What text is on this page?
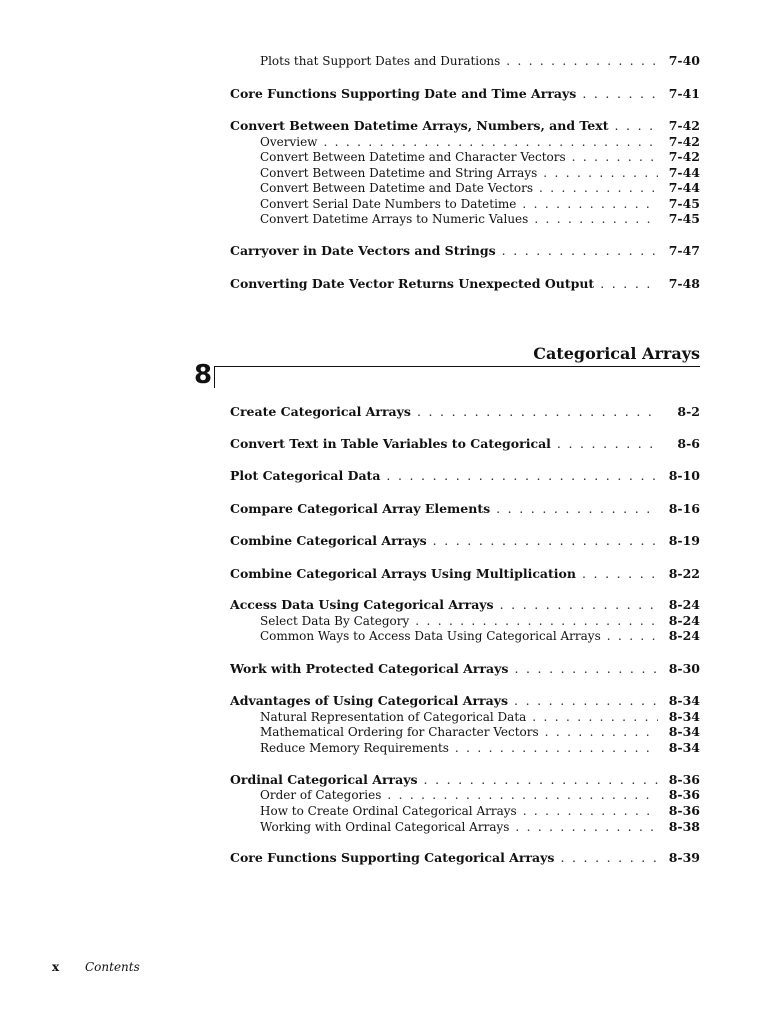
Plots that Support Dates and Durations . . .	7-40
Core Functions Supporting Date and Time Arrays . . .	7-41
Convert Between Datetime Arrays, Numbers, and Text . . .	7-42
Overview . . .	7-42
Convert Between Datetime and Character Vectors . . .	7-42
Convert Between Datetime and String Arrays . . .	7-44
Convert Between Datetime and Date Vectors . . .	7-44
Convert Serial Date Numbers to Datetime . . .	7-45
Convert Datetime Arrays to Numeric Values . . .	7-45
Carryover in Date Vectors and Strings . . .	7-47
Converting Date Vector Returns Unexpected Output . . .	7-48
Categorical Arrays
8
Create Categorical Arrays . . .	8-2
Convert Text in Table Variables to Categorical . . .	8-6
Plot Categorical Data . . .	8-10
Compare Categorical Array Elements . . .	8-16
Combine Categorical Arrays . . .	8-19
Combine Categorical Arrays Using Multiplication . . .	8-22
Access Data Using Categorical Arrays . . .	8-24
Select Data By Category . . .	8-24
Common Ways to Access Data Using Categorical Arrays . . .	8-24
Work with Protected Categorical Arrays . . .	8-30
Advantages of Using Categorical Arrays . . .	8-34
Natural Representation of Categorical Data . . .	8-34
Mathematical Ordering for Character Vectors . . .	8-34
Reduce Memory Requirements . . .	8-34
Ordinal Categorical Arrays . . .	8-36
Order of Categories . . .	8-36
How to Create Ordinal Categorical Arrays . . .	8-36
Working with Ordinal Categorical Arrays . . .	8-38
Core Functions Supporting Categorical Arrays . . .	8-39
x Contents
